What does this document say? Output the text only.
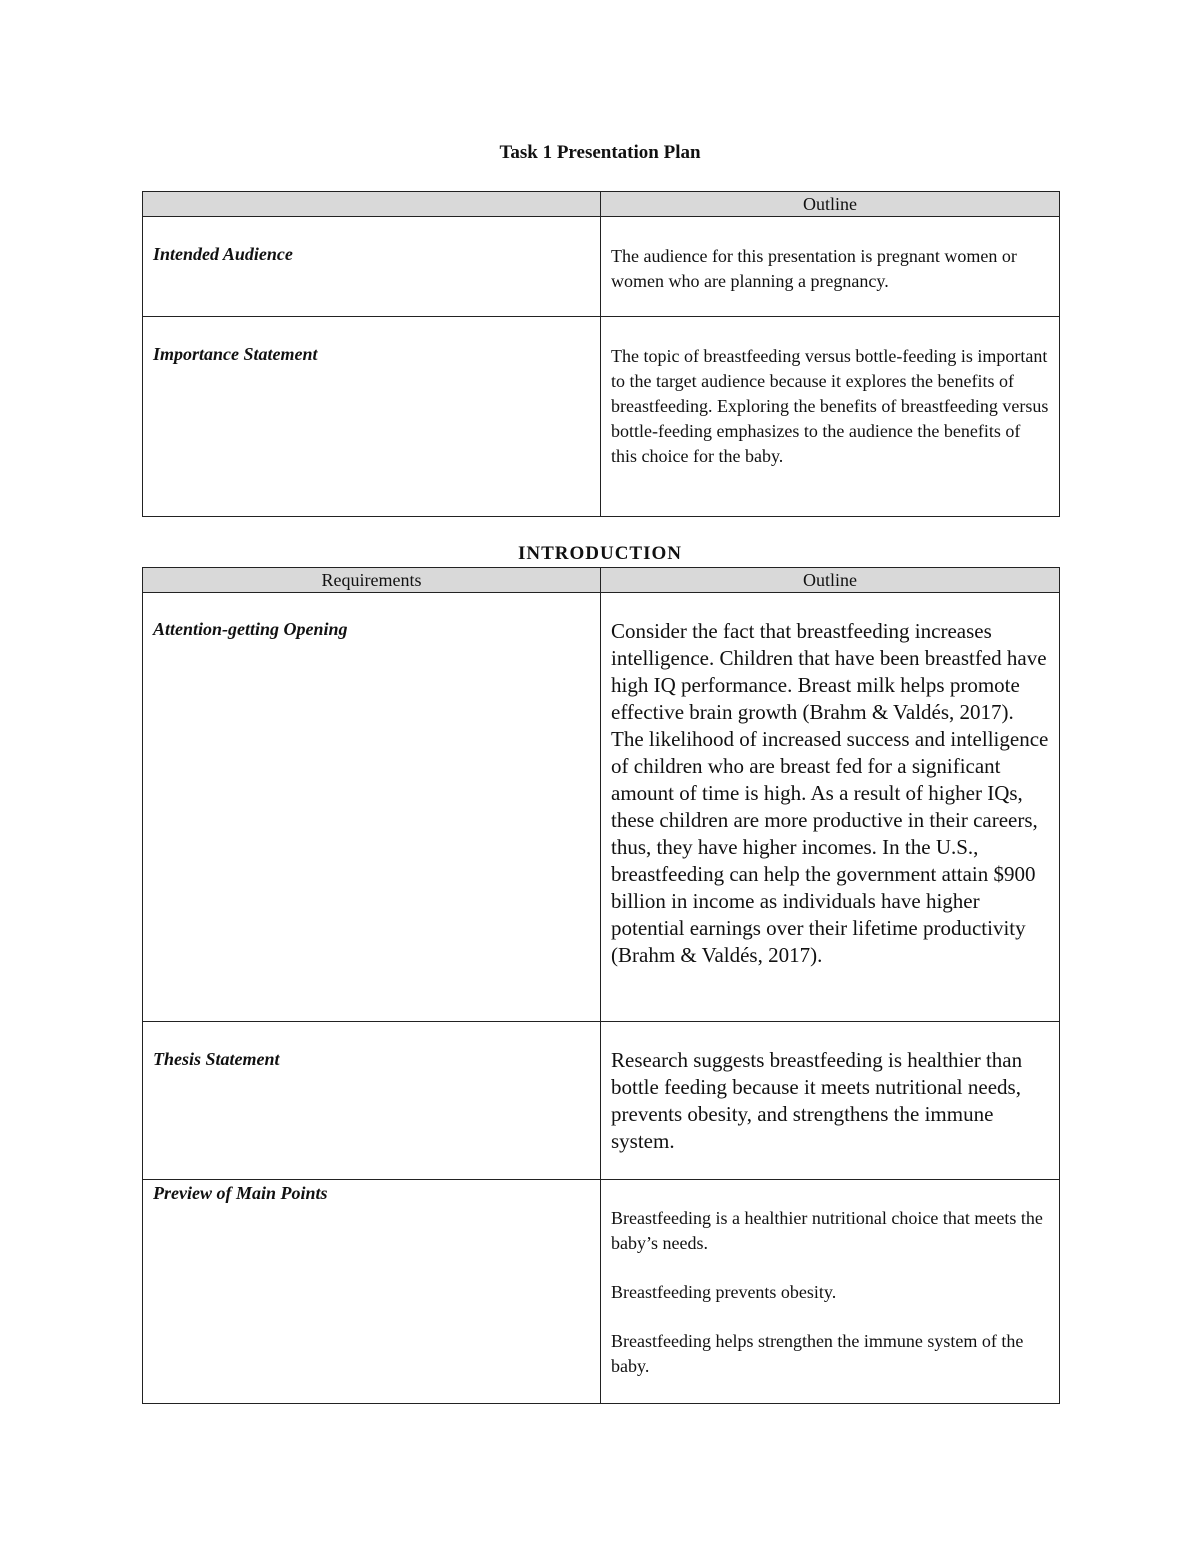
Task 1 Presentation Plan
	Outline

Intended Audience	The audience for this presentation is pregnant women or women who are planning a pregnancy.

Importance Statement	The topic of breastfeeding versus bottle-feeding is important to the target audience because it explores the benefits of breastfeeding. Exploring the benefits of breastfeeding versus bottle-feeding emphasizes to the audience the benefits of this choice for the baby.
INTRODUCTION
Requirements	Outline

Attention-getting Opening	Consider the fact that breastfeeding increases intelligence. Children that have been breastfed have high IQ performance. Breast milk helps promote effective brain growth (Brahm & Valdés, 2017). The likelihood of increased success and intelligence of children who are breast fed for a significant amount of time is high. As a result of higher IQs, these children are more productive in their careers, thus, they have higher incomes. In the U.S., breastfeeding can help the government attain $900 billion in income as individuals have higher potential earnings over their lifetime productivity (Brahm & Valdés, 2017).

Thesis Statement	Research suggests breastfeeding is healthier than bottle feeding because it meets nutritional needs, prevents obesity, and strengthens the immune system.

Preview of Main Points	Breastfeeding is a healthier nutritional choice that meets the baby’s needs.
Breastfeeding prevents obesity.
Breastfeeding helps strengthen the immune system of the baby.
